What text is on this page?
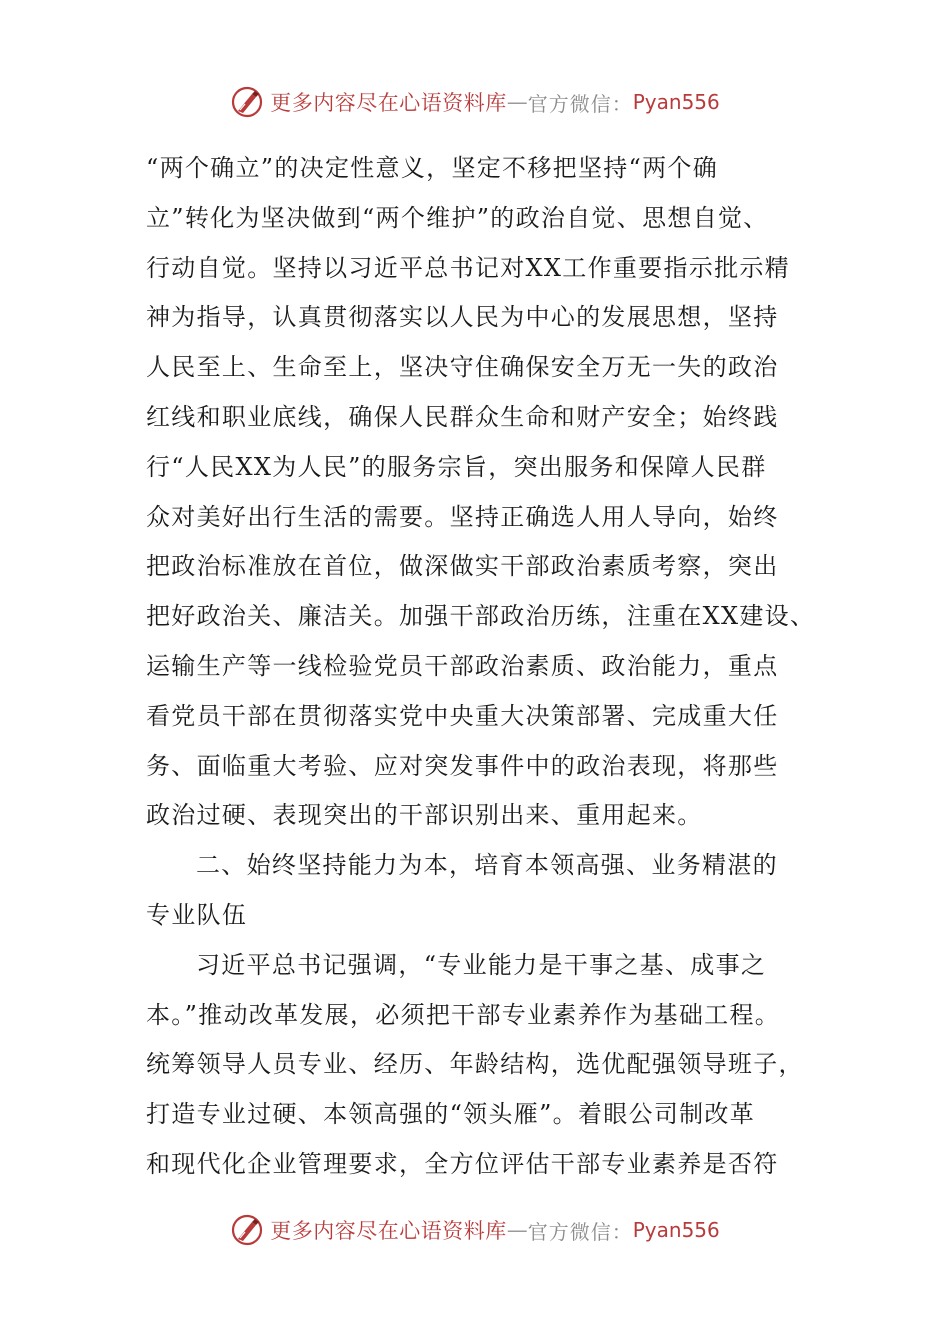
更多内容尽在心语资料库 — 官方微信： Pyan556
“两个确立”的决定性意义，坚定不移把坚持“两个确
立”转化为坚决做到“两个维护”的政治自觉、思想自觉、
行动自觉。坚持以习近平总书记对XX工作重要指示批示精
神为指导，认真贯彻落实以人民为中心的发展思想，坚持
人民至上、生命至上，坚决守住确保安全万无一失的政治
红线和职业底线，确保人民群众生命和财产安全；始终践
行“人民XX为人民”的服务宗旨，突出服务和保障人民群
众对美好出行生活的需要。坚持正确选人用人导向，始终
把政治标准放在首位，做深做实干部政治素质考察，突出
把好政治关、廉洁关。加强干部政治历练，注重在XX建设、
运输生产等一线检验党员干部政治素质、政治能力，重点
看党员干部在贯彻落实党中央重大决策部署、完成重大任
务、面临重大考验、应对突发事件中的政治表现，将那些
政治过硬、表现突出的干部识别出来、重用起来。
二、始终坚持能力为本，培育本领高强、业务精湛的
专业队伍
习近平总书记强调，“专业能力是干事之基、成事之
本。”推动改革发展，必须把干部专业素养作为基础工程。
统筹领导人员专业、经历、年龄结构，选优配强领导班子，
打造专业过硬、本领高强的“领头雁”。着眼公司制改革
和现代化企业管理要求，全方位评估干部专业素养是否符
更多内容尽在心语资料库 — 官方微信： Pyan556
